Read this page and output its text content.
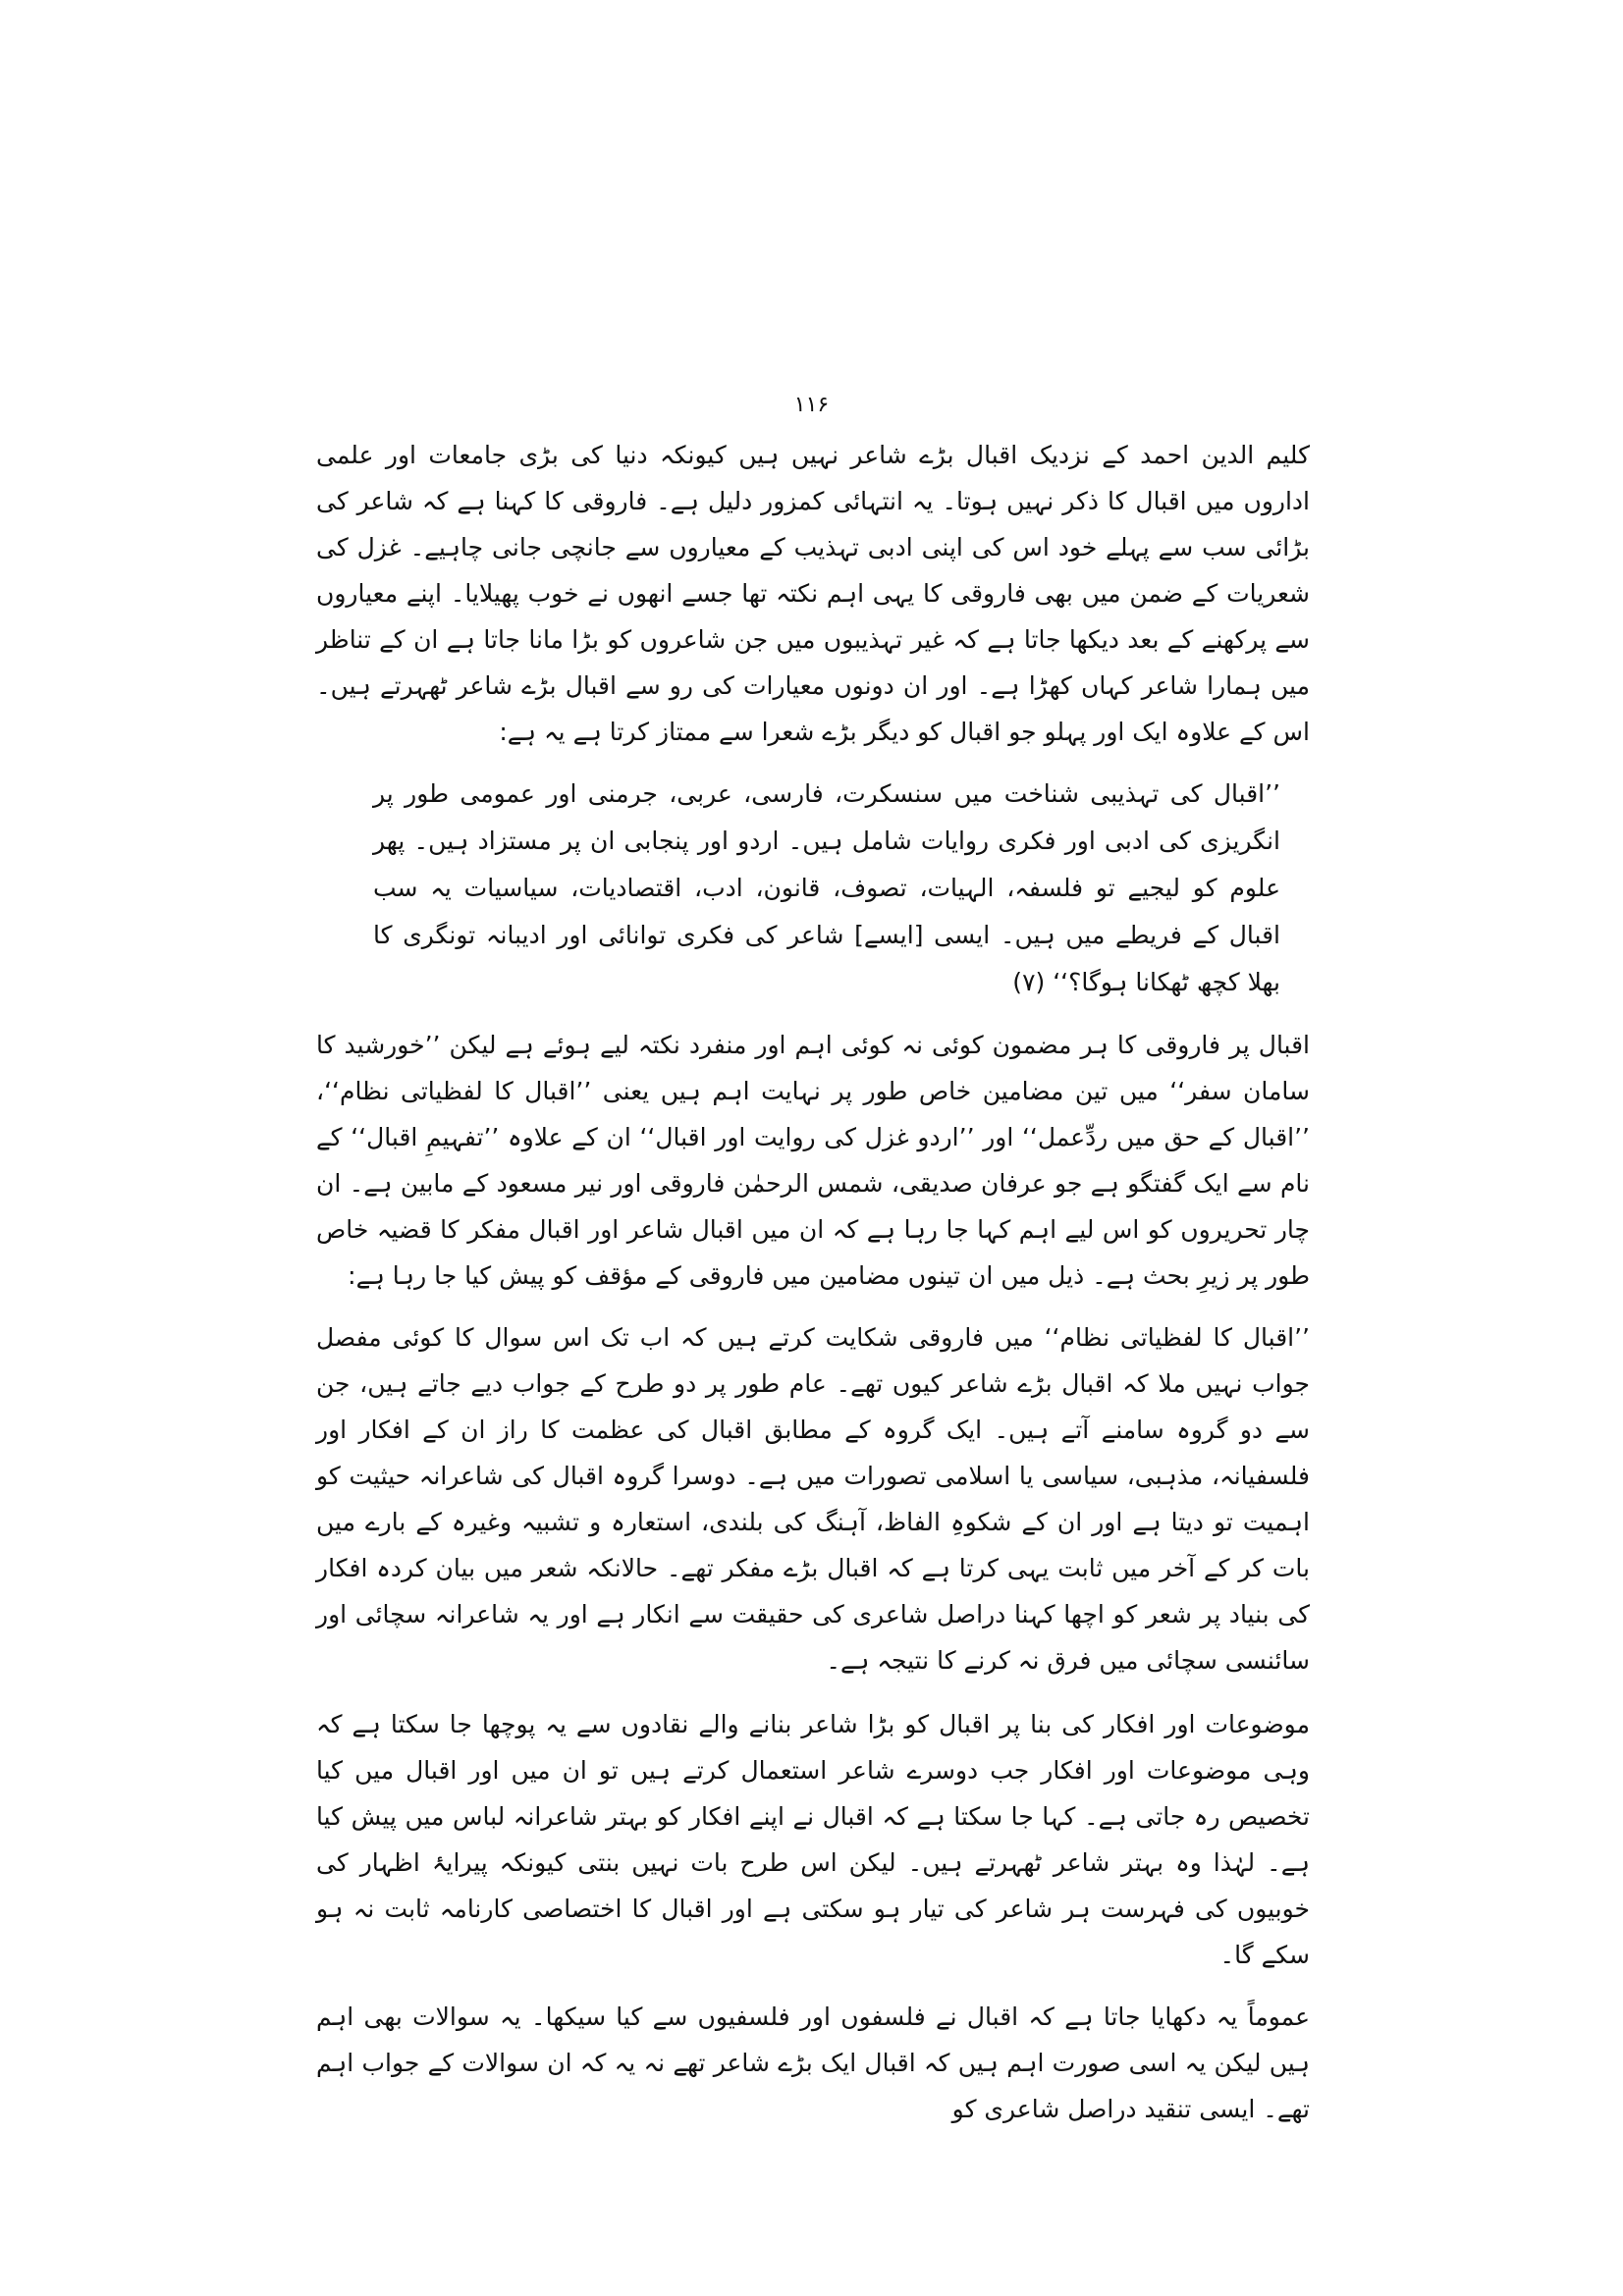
۱۱۶

کلیم الدین احمد کے نزدیک اقبال بڑے شاعر نہیں ہیں کیونکہ دنیا کی بڑی جامعات اور علمی اداروں میں اقبال کا ذکر نہیں ہوتا۔ یہ انتہائی کمزور دلیل ہے۔ فاروقی کا کہنا ہے کہ شاعر کی بڑائی سب سے پہلے خود اس کی اپنی ادبی تہذیب کے معیاروں سے جانچی جانی چاہیے۔ غزل کی شعریات کے ضمن میں بھی فاروقی کا یہی اہم نکتہ تھا جسے انھوں نے خوب پھیلایا۔ اپنے معیاروں سے پرکھنے کے بعد دیکھا جاتا ہے کہ غیر تہذیبوں میں جن شاعروں کو بڑا مانا جاتا ہے ان کے تناظر میں ہمارا شاعر کہاں کھڑا ہے۔ اور ان دونوں معیارات کی رو سے اقبال بڑے شاعر ٹھہرتے ہیں۔ اس کے علاوہ ایک اور پہلو جو اقبال کو دیگر بڑے شعرا سے ممتاز کرتا ہے یہ ہے:

’’اقبال کی تہذیبی شناخت میں سنسکرت، فارسی، عربی، جرمنی اور عمومی طور پر انگریزی کی ادبی اور فکری روایات شامل ہیں۔ اردو اور پنجابی ان پر مستزاد ہیں۔ پھر علوم کو لیجیے تو فلسفہ، الہیات، تصوف، قانون، ادب، اقتصادیات، سیاسیات یہ سب اقبال کے فریطے میں ہیں۔ ایسی [ایسے] شاعر کی فکری توانائی اور ادیبانہ تونگری کا بھلا کچھ ٹھکانا ہوگا؟‘‘ (۷)

اقبال پر فاروقی کا ہر مضمون کوئی نہ کوئی اہم اور منفرد نکتہ لیے ہوئے ہے لیکن ’’خورشید کا سامان سفر‘‘ میں تین مضامین خاص طور پر نہایت اہم ہیں یعنی ’’اقبال کا لفظیاتی نظام‘‘، ’’اقبال کے حق میں ردِّعمل‘‘ اور ’’اردو غزل کی روایت اور اقبال‘‘ ان کے علاوہ ’’تفہیمِ اقبال‘‘ کے نام سے ایک گفتگو ہے جو عرفان صدیقی، شمس الرحمٰن فاروقی اور نیر مسعود کے مابین ہے۔ ان چار تحریروں کو اس لیے اہم کہا جا رہا ہے کہ ان میں اقبال شاعر اور اقبال مفکر کا قضیہ خاص طور پر زیرِ بحث ہے۔ ذیل میں ان تینوں مضامین میں فاروقی کے مؤقف کو پیش کیا جا رہا ہے:

’’اقبال کا لفظیاتی نظام‘‘ میں فاروقی شکایت کرتے ہیں کہ اب تک اس سوال کا کوئی مفصل جواب نہیں ملا کہ اقبال بڑے شاعر کیوں تھے۔ عام طور پر دو طرح کے جواب دیے جاتے ہیں، جن سے دو گروہ سامنے آتے ہیں۔ ایک گروہ کے مطابق اقبال کی عظمت کا راز ان کے افکار اور فلسفیانہ، مذہبی، سیاسی یا اسلامی تصورات میں ہے۔ دوسرا گروہ اقبال کی شاعرانہ حیثیت کو اہمیت تو دیتا ہے اور ان کے شکوہِ الفاظ، آہنگ کی بلندی، استعارہ و تشبیہ وغیرہ کے بارے میں بات کر کے آخر میں ثابت یہی کرتا ہے کہ اقبال بڑے مفکر تھے۔ حالانکہ شعر میں بیان کردہ افکار کی بنیاد پر شعر کو اچھا کہنا دراصل شاعری کی حقیقت سے انکار ہے اور یہ شاعرانہ سچائی اور سائنسی سچائی میں فرق نہ کرنے کا نتیجہ ہے۔

موضوعات اور افکار کی بنا پر اقبال کو بڑا شاعر بنانے والے نقادوں سے یہ پوچھا جا سکتا ہے کہ وہی موضوعات اور افکار جب دوسرے شاعر استعمال کرتے ہیں تو ان میں اور اقبال میں کیا تخصیص رہ جاتی ہے۔ کہا جا سکتا ہے کہ اقبال نے اپنے افکار کو بہتر شاعرانہ لباس میں پیش کیا ہے۔ لہٰذا وہ بہتر شاعر ٹھہرتے ہیں۔ لیکن اس طرح بات نہیں بنتی کیونکہ پیرایۂ اظہار کی خوبیوں کی فہرست ہر شاعر کی تیار ہو سکتی ہے اور اقبال کا اختصاصی کارنامہ ثابت نہ ہو سکے گا۔

عموماً یہ دکھایا جاتا ہے کہ اقبال نے فلسفوں اور فلسفیوں سے کیا سیکھا۔ یہ سوالات بھی اہم ہیں لیکن یہ اسی صورت اہم ہیں کہ اقبال ایک بڑے شاعر تھے نہ یہ کہ ان سوالات کے جواب اہم تھے۔ ایسی تنقید دراصل شاعری کو
